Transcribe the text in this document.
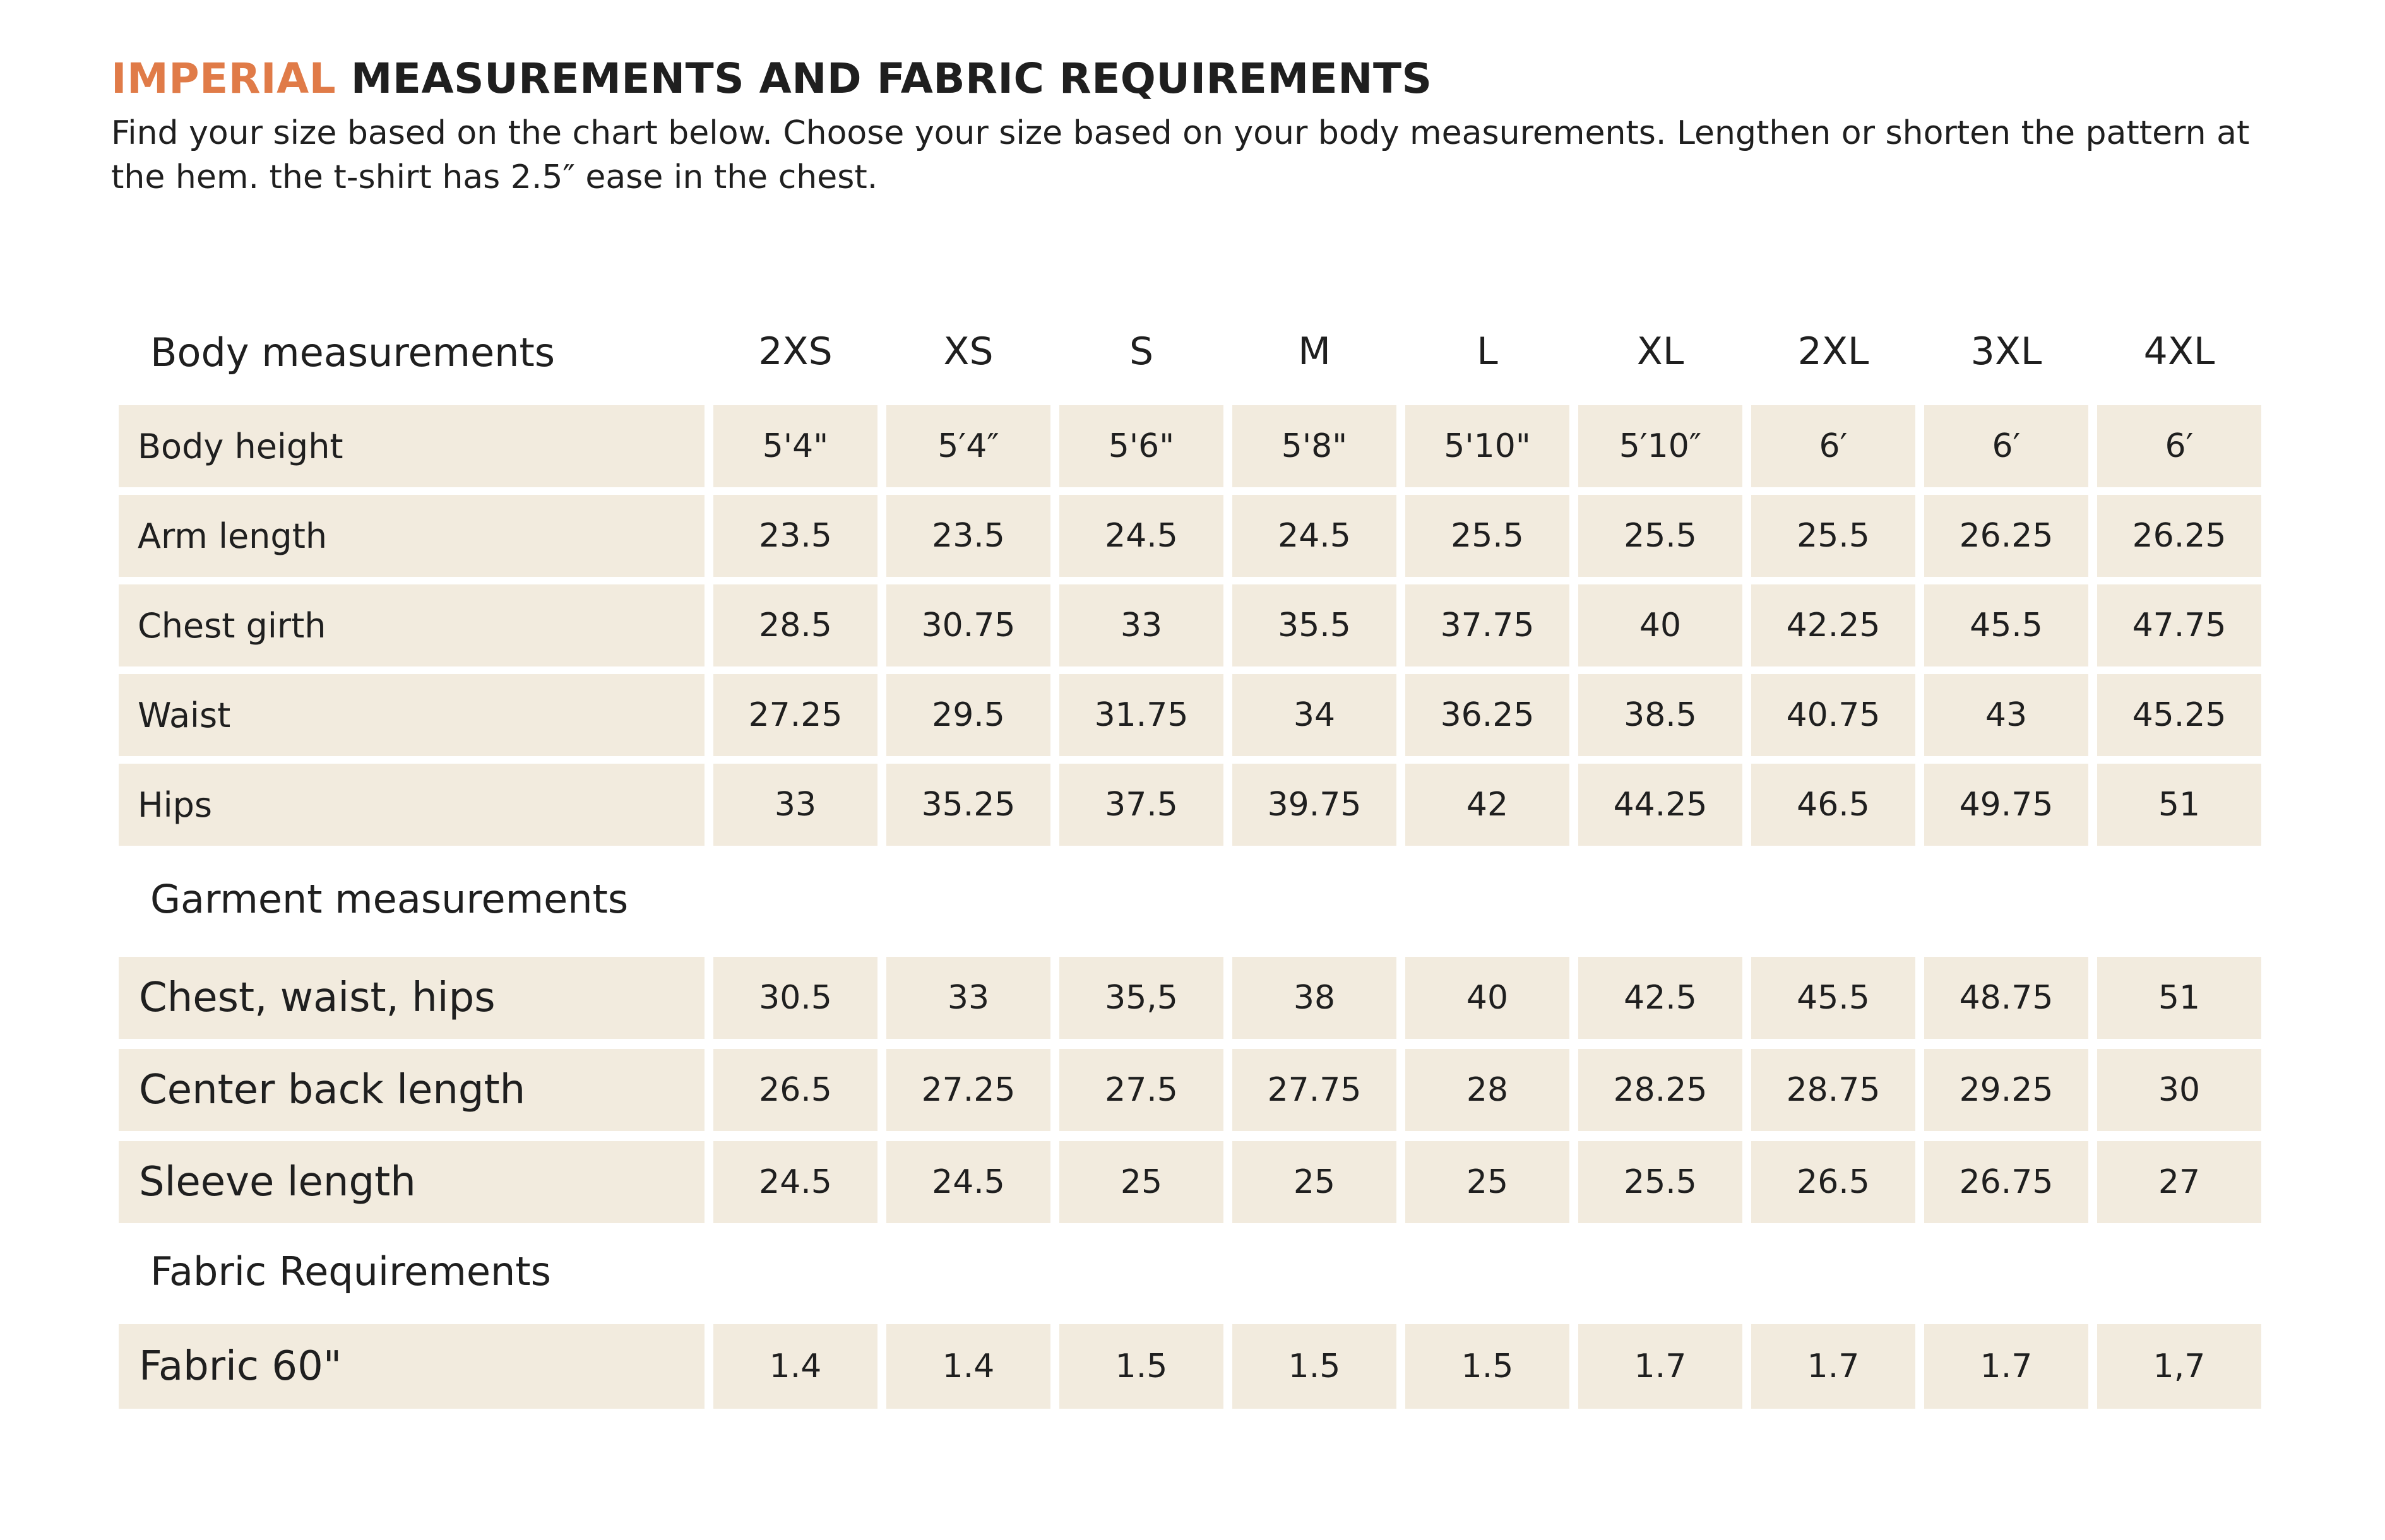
IMPERIAL MEASUREMENTS AND FABRIC REQUIREMENTS
Find your size based on the chart below. Choose your size based on your body measurements. Lengthen or shorten the pattern at the hem. the t-shirt has 2.5″ ease in the chest.
Body measurements	2XS	XS	S	M	L	XL	2XL	3XL	4XL
Body height	5'4"	5′4″	5'6"	5'8"	5'10"	5′10″	6′	6′	6′
Arm length	23.5	23.5	24.5	24.5	25.5	25.5	25.5	26.25	26.25
Chest girth	28.5	30.75	33	35.5	37.75	40	42.25	45.5	47.75
Waist	27.25	29.5	31.75	34	36.25	38.5	40.75	43	45.25
Hips	33	35.25	37.5	39.75	42	44.25	46.5	49.75	51
Garment measurements
Chest, waist, hips	30.5	33	35,5	38	40	42.5	45.5	48.75	51
Center back length	26.5	27.25	27.5	27.75	28	28.25	28.75	29.25	30
Sleeve length	24.5	24.5	25	25	25	25.5	26.5	26.75	27
Fabric Requirements
Fabric 60"	1.4	1.4	1.5	1.5	1.5	1.7	1.7	1.7	1,7
